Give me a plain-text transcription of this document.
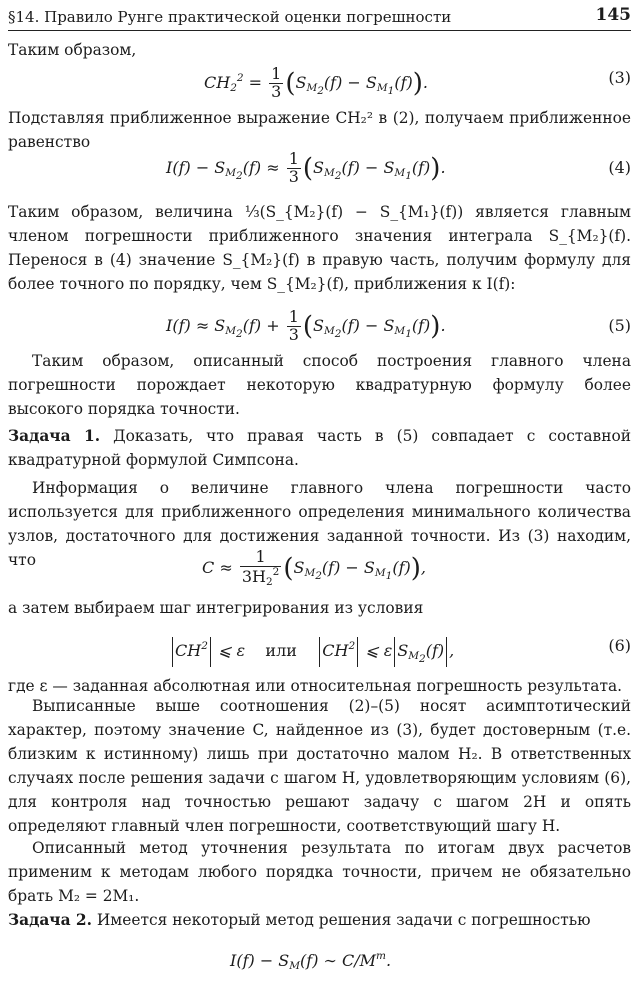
§14. Правило Рунге практической оценки погрешности	145

Таким образом,

$CH_2^2 = \frac{1}{3} (S_{M_2}(f) - S_{M_1}(f))$.	(3)

Подставляя приближенное выражение CH₂² в (2), получаем приближенное равенство

$I(f) - S_{M_2}(f) \approx \frac{1}{3} (S_{M_2}(f) - S_{M_1}(f))$.	(4)

Таким образом, величина ⅓(S_{M₂}(f) − S_{M₁}(f)) является главным членом погрешности приближенного значения интеграла S_{M₂}(f). Перенося в (4) значение S_{M₂}(f) в правую часть, получим формулу для более точного по порядку, чем S_{M₂}(f), приближения к I(f):

$I(f) \approx S_{M_2}(f) + \frac{1}{3} (S_{M_2}(f) - S_{M_1}(f))$.	(5)

Таким образом, описанный способ построения главного члена погрешности порождает некоторую квадратурную формулу более высокого порядка точности.

Задача 1. Доказать, что правая часть в (5) совпадает с составной квадратурной формулой Симпсона.

Информация о величине главного члена погрешности часто используется для приближенного определения минимального количества узлов, достаточного для достижения заданной точности. Из (3) находим, что	$C \approx \frac{1}{3H_2^2} (S_{M_2}(f) - S_{M_1}(f))$,

а затем выбираем шаг интегрирования из условия

$CH^2$ ⩽ ε    или $CH^2$ ⩽ ε $S_{M_2}(f)$ ,	(6)

где ε — заданная абсолютная или относительная погрешность результата.

Выписанные выше соотношения (2)–(5) носят асимптотический характер, поэтому значение C, найденное из (3), будет достоверным (т.е. близким к истинному) лишь при достаточно малом H₂. В ответственных случаях после решения задачи с шагом H, удовлетворяющим условиям (6), для контроля над точностью решают задачу с шагом 2H и опять определяют главный член погрешности, соответствующий шагу H.

Описанный метод уточнения результата по итогам двух расчетов применим к методам любого порядка точности, причем не обязательно брать M₂ = 2M₁.

Задача 2. Имеется некоторый метод решения задачи с погрешностью

$I(f) - S_M(f)$ ∼ $C/M^m$.
